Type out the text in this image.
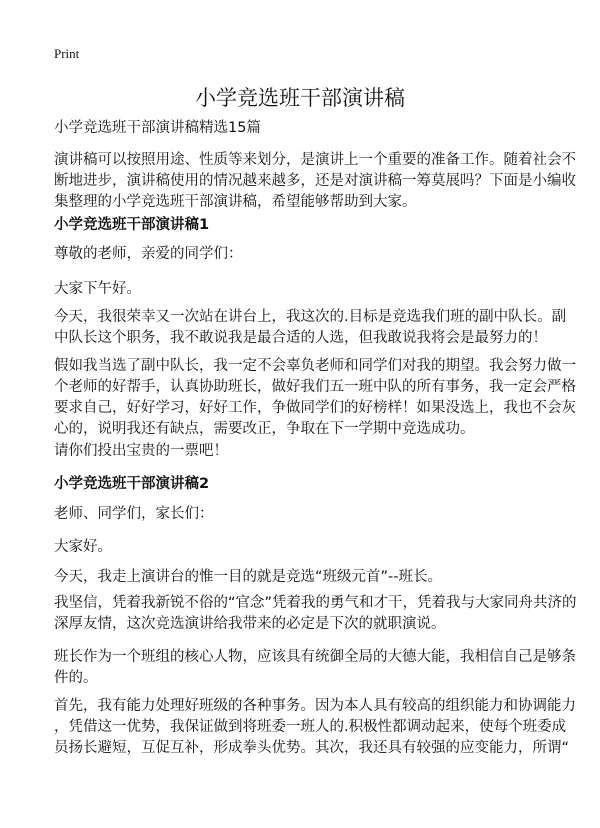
Print
小学竞选班干部演讲稿
小学竞选班干部演讲稿精选15篇
演讲稿可以按照用途、性质等来划分，是演讲上一个重要的准备工作。随着社会不
断地进步，演讲稿使用的情况越来越多，还是对演讲稿一筹莫展吗？下面是小编收
集整理的小学竞选班干部演讲稿，希望能够帮助到大家。
小学竞选班干部演讲稿1
尊敬的老师，亲爱的同学们：
大家下午好。
今天，我很荣幸又一次站在讲台上，我这次的.目标是竞选我们班的副中队长。副
中队长这个职务，我不敢说我是最合适的人选，但我敢说我将会是最努力的！
假如我当选了副中队长，我一定不会辜负老师和同学们对我的期望。我会努力做一
个老师的好帮手，认真协助班长，做好我们五一班中队的所有事务，我一定会严格
要求自己，好好学习，好好工作，争做同学们的好榜样！如果没选上，我也不会灰
心的，说明我还有缺点，需要改正，争取在下一学期中竞选成功。
请你们投出宝贵的一票吧！
小学竞选班干部演讲稿2
老师、同学们，家长们：
大家好。
今天，我走上演讲台的惟一目的就是竞选“班级元首”--班长。
我坚信，凭着我新锐不俗的“官念”凭着我的勇气和才干，凭着我与大家同舟共济的
深厚友情，这次竞选演讲给我带来的必定是下次的就职演说。
班长作为一个班组的核心人物，应该具有统御全局的大德大能，我相信自己是够条
件的。
首先，我有能力处理好班级的各种事务。因为本人具有较高的组织能力和协调能力
，凭借这一优势，我保证做到将班委一班人的.积极性都调动起来，使每个班委成
员扬长避短，互促互补，形成拳头优势。其次，我还具有较强的应变能力，所谓“
